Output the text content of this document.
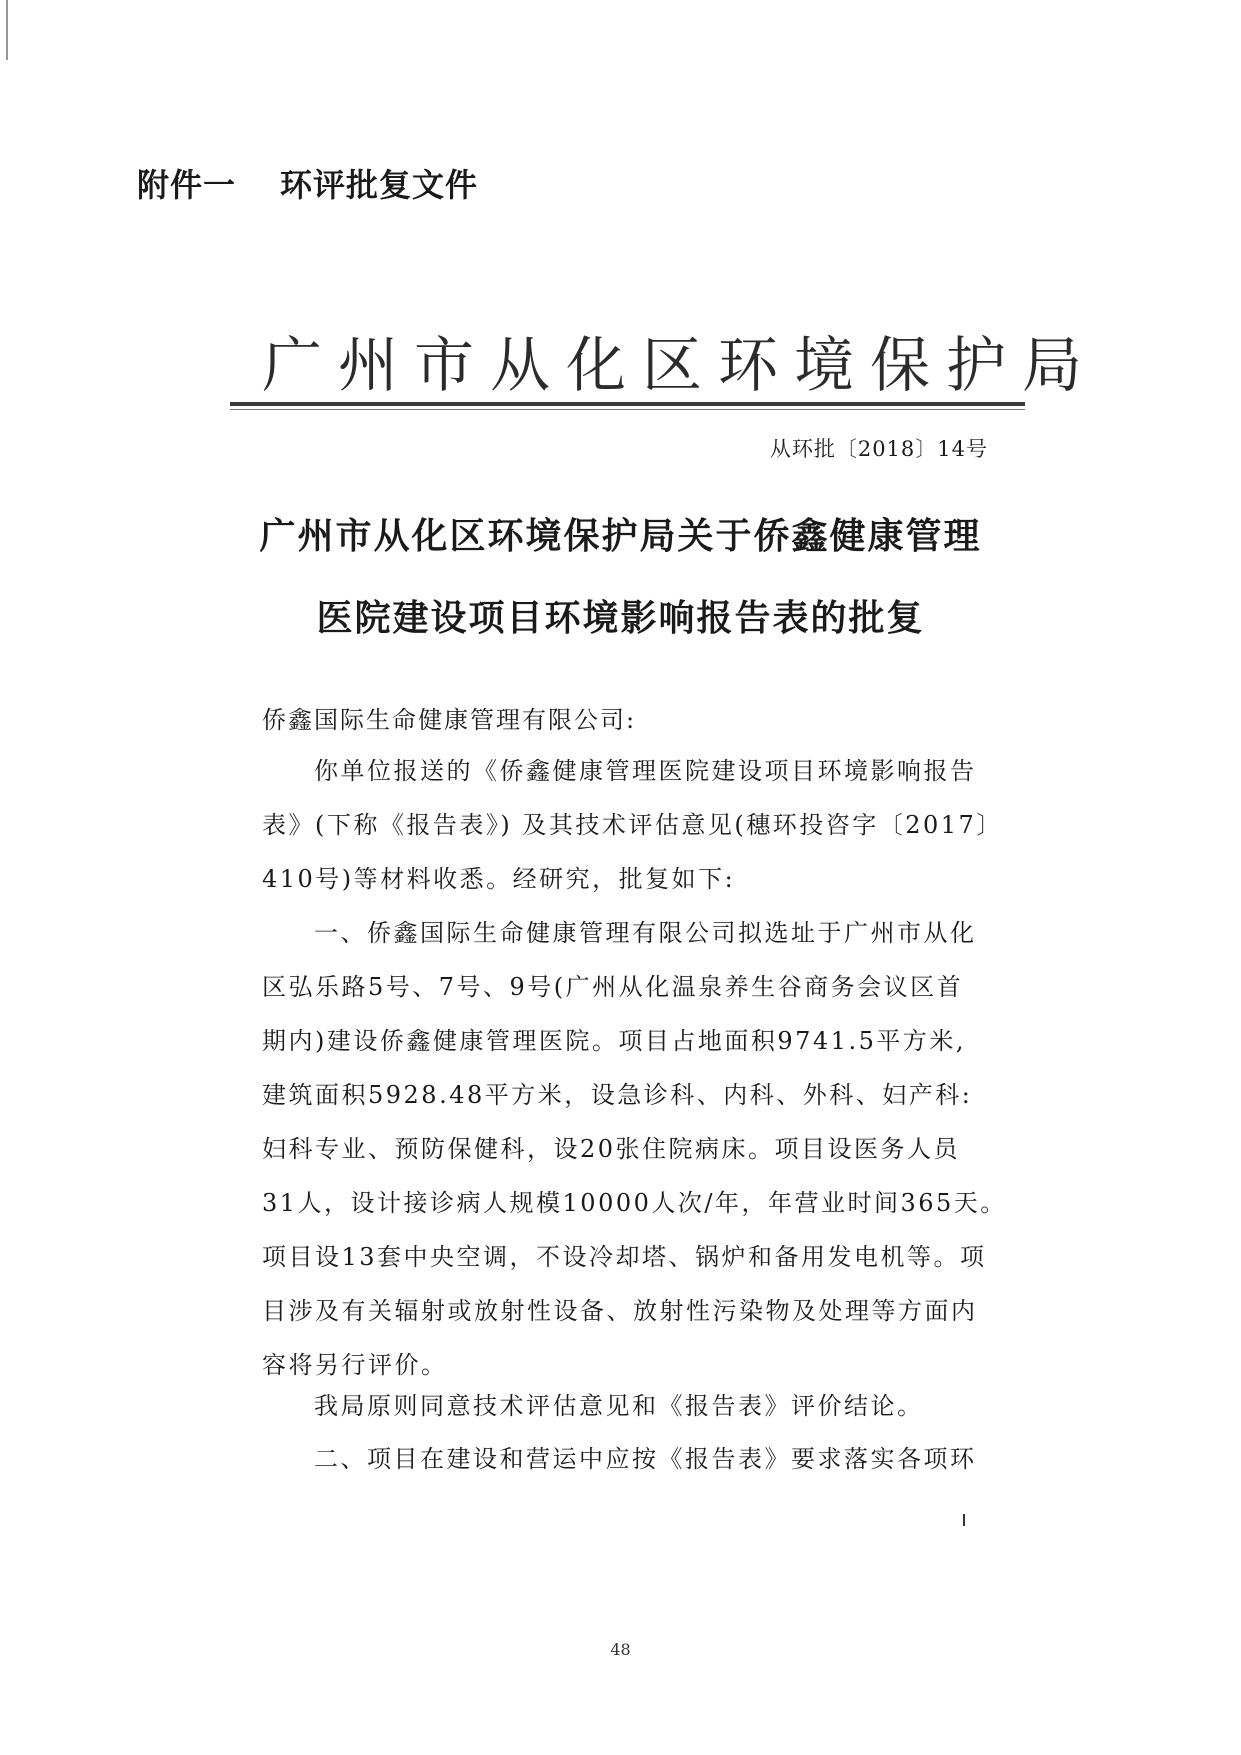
附件一 环评批复文件
广州市从化区环境保护局
从环批〔2018〕14号
广州市从化区环境保护局关于侨鑫健康管理
医院建设项目环境影响报告表的批复
侨鑫国际生命健康管理有限公司:
你单位报送的《侨鑫健康管理医院建设项目环境影响报告
表》(下称《报告表》) 及其技术评估意见(穗环投咨字〔2017〕
410号)等材料收悉。经研究，批复如下:
一、侨鑫国际生命健康管理有限公司拟选址于广州市从化
区弘乐路5号、7号、9号(广州从化温泉养生谷商务会议区首
期内)建设侨鑫健康管理医院。项目占地面积9741.5平方米,
建筑面积5928.48平方米，设急诊科、内科、外科、妇产科:
妇科专业、预防保健科，设20张住院病床。项目设医务人员
31人，设计接诊病人规模10000人次/年，年营业时间365天。
项目设13套中央空调，不设冷却塔、锅炉和备用发电机等。项
目涉及有关辐射或放射性设备、放射性污染物及处理等方面内
容将另行评价。
我局原则同意技术评估意见和《报告表》评价结论。
二、项目在建设和营运中应按《报告表》要求落实各项环
48
